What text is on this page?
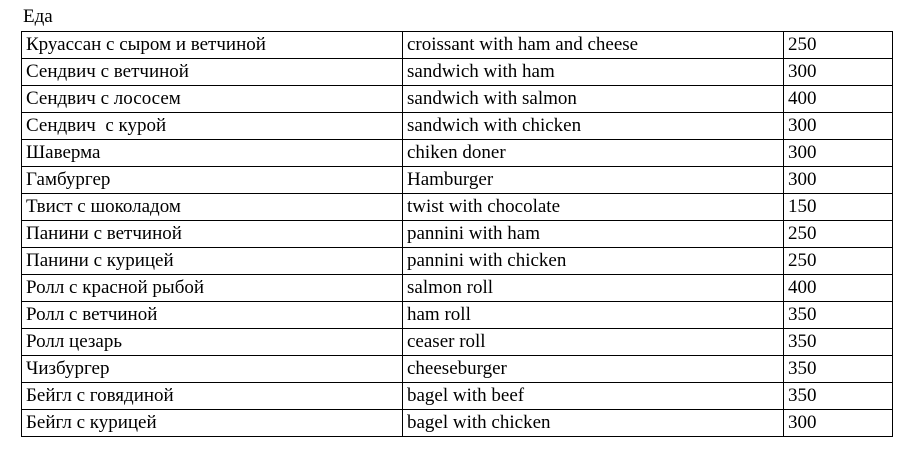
Еда
Круассан с сыром и ветчиной	croissant with ham and cheese	250
Сендвич с ветчиной	sandwich with ham	300
Сендвич с лососем	sandwich with salmon	400
Сендвич  с курой	sandwich with chicken	300
Шаверма	chiken doner	300
Гамбургер	Hamburger	300
Твист с шоколадом	twist with chocolate	150
Панини с ветчиной	pannini with ham	250
Панини с курицей	pannini with chicken	250
Ролл с красной рыбой	salmon roll	400
Ролл с ветчиной	ham roll	350
Ролл цезарь	ceaser roll	350
Чизбургер	cheeseburger	350
Бейгл с говядиной	bagel with beef	350
Бейгл с курицей	bagel with chicken	300
